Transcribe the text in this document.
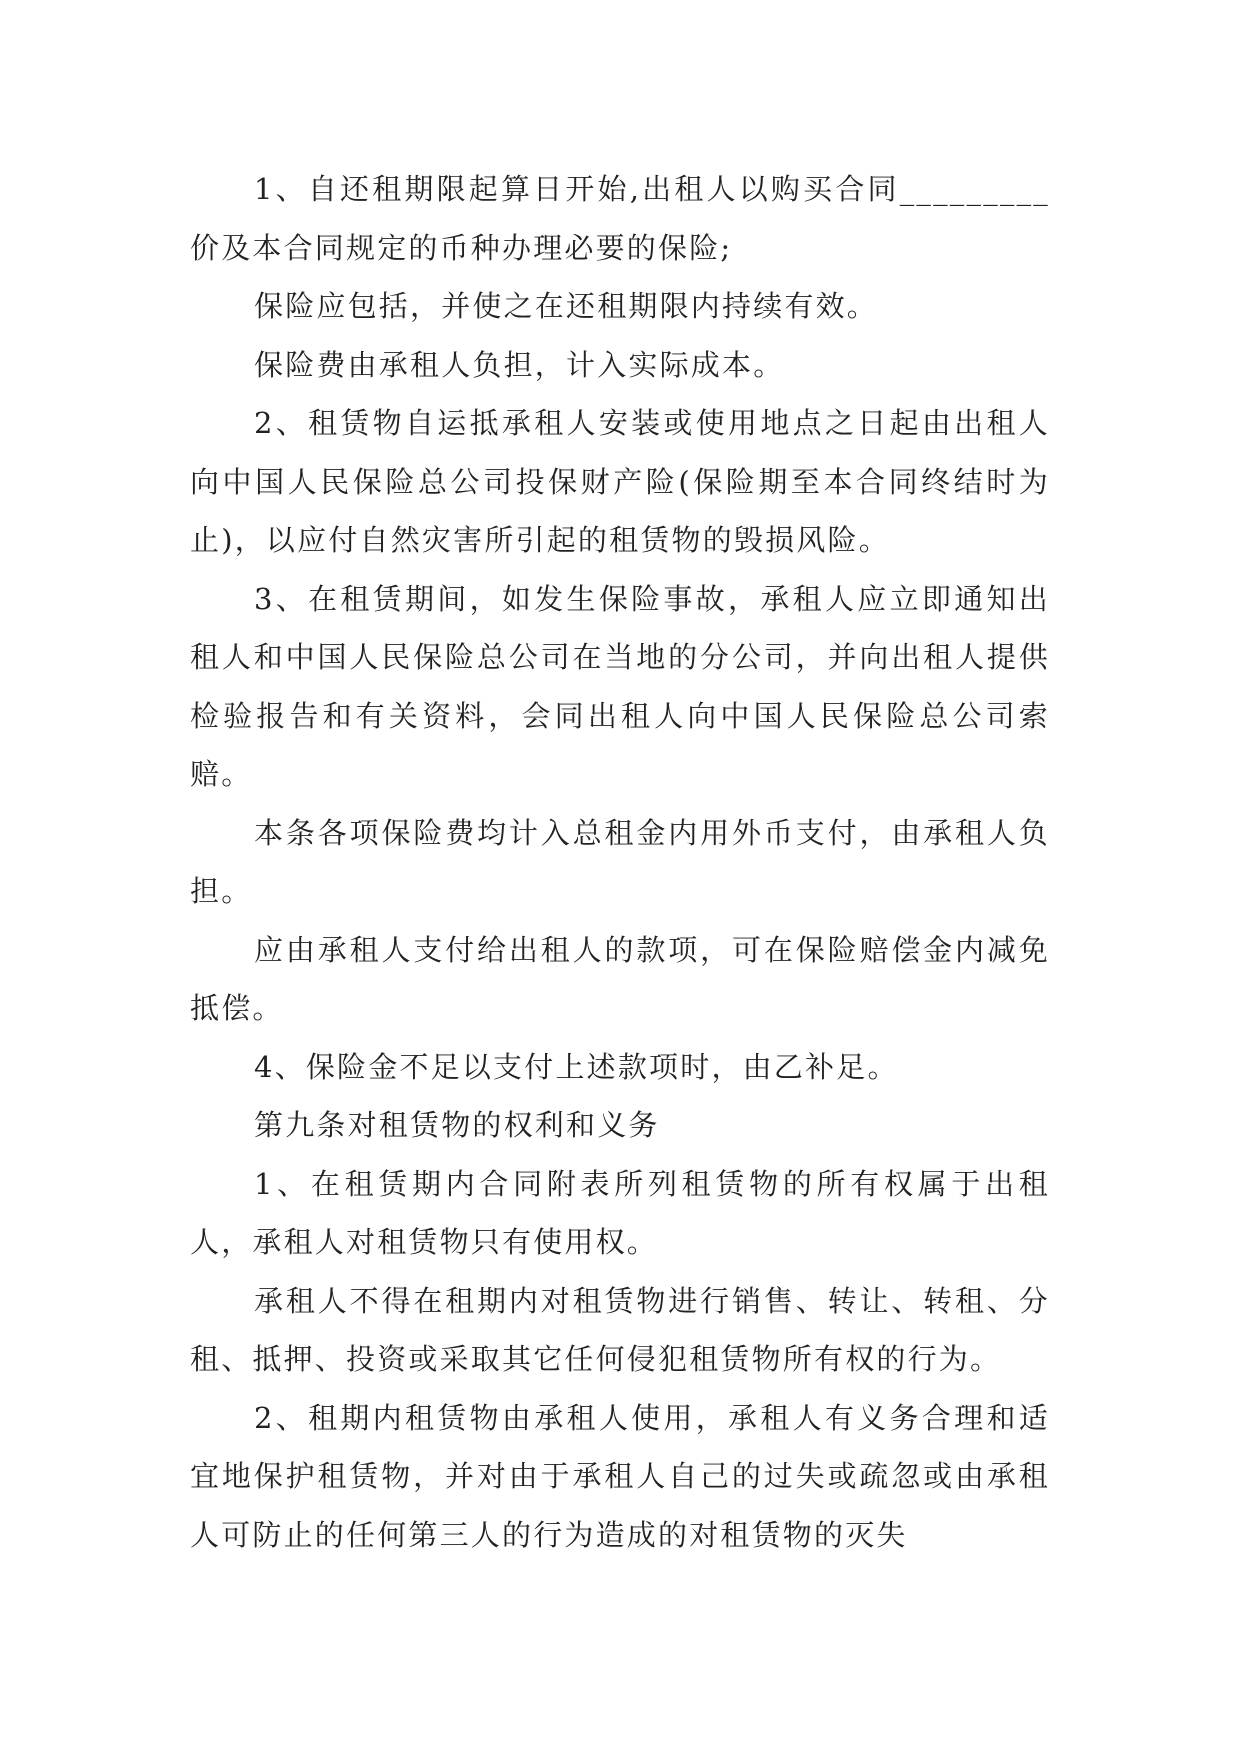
1、自还租期限起算日开始,出租人以购买合同_________价及本合同规定的币种办理必要的保险;

保险应包括，并使之在还租期限内持续有效。

保险费由承租人负担，计入实际成本。

2、租赁物自运抵承租人安装或使用地点之日起由出租人向中国人民保险总公司投保财产险(保险期至本合同终结时为止)，以应付自然灾害所引起的租赁物的毁损风险。

3、在租赁期间，如发生保险事故，承租人应立即通知出租人和中国人民保险总公司在当地的分公司，并向出租人提供检验报告和有关资料，会同出租人向中国人民保险总公司索赔。

本条各项保险费均计入总租金内用外币支付，由承租人负担。

应由承租人支付给出租人的款项，可在保险赔偿金内减免抵偿。

4、保险金不足以支付上述款项时，由乙补足。

第九条对租赁物的权利和义务

1、在租赁期内合同附表所列租赁物的所有权属于出租人，承租人对租赁物只有使用权。

承租人不得在租期内对租赁物进行销售、转让、转租、分租、抵押、投资或采取其它任何侵犯租赁物所有权的行为。

2、租期内租赁物由承租人使用，承租人有义务合理和适宜地保护租赁物，并对由于承租人自己的过失或疏忽或由承租人可防止的任何第三人的行为造成的对租赁物的灭失
